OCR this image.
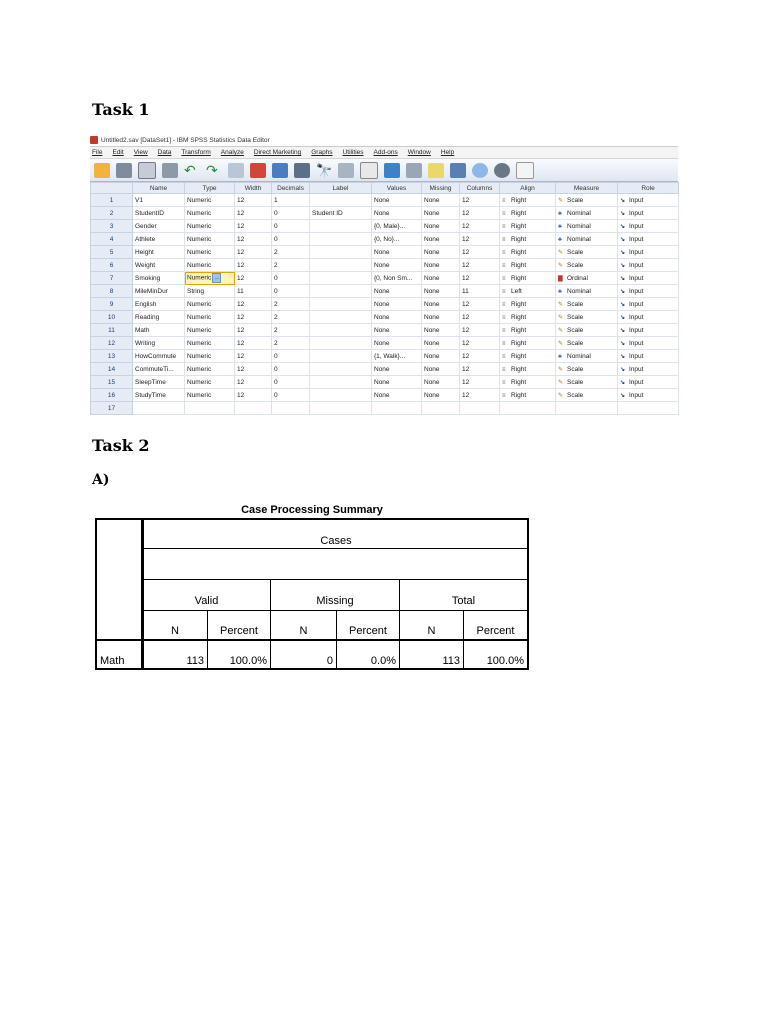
Task 1
Untitled2.sav [DataSet1] - IBM SPSS Statistics Data Editor
File Edit View Data Transform Analyze Direct Marketing Graphs Utilities Add-ons Window Help
↶ ↷	🔭
	Name	Type	Width	Decimals	Label	Values	Missing	Columns	Align	Measure	Role
1	V1	Numeric	12	1		None	None	12	≡ Right	✎ Scale	↘ Input
2	StudentID	Numeric	12	0	Student ID	None	None	12	≡ Right	♣ Nominal	↘ Input
3	Gender	Numeric	12	0		{0, Male}...	None	12	≡ Right	♣ Nominal	↘ Input
4	Athlete	Numeric	12	0		{0, No}...	None	12	≡ Right	♣ Nominal	↘ Input
5	Height	Numeric	12	2		None	None	12	≡ Right	✎ Scale	↘ Input
6	Weight	Numeric	12	2		None	None	12	≡ Right	✎ Scale	↘ Input
7	Smoking	Numeric ...	12	0		{0, Non Sm...	None	12	≡ Right	▇ Ordinal	↘ Input
8	MileMinDur	String	11	0		None	None	11	≡ Left	♣ Nominal	↘ Input
9	English	Numeric	12	2		None	None	12	≡ Right	✎ Scale	↘ Input
10	Reading	Numeric	12	2		None	None	12	≡ Right	✎ Scale	↘ Input
11	Math	Numeric	12	2		None	None	12	≡ Right	✎ Scale	↘ Input
12	Writing	Numeric	12	2		None	None	12	≡ Right	✎ Scale	↘ Input
13	HowCommute	Numeric	12	0		{1, Walk}...	None	12	≡ Right	♣ Nominal	↘ Input
14	CommuteTi...	Numeric	12	0		None	None	12	≡ Right	✎ Scale	↘ Input
15	SleepTime	Numeric	12	0		None	None	12	≡ Right	✎ Scale	↘ Input
16	StudyTime	Numeric	12	0		None	None	12	≡ Right	✎ Scale	↘ Input
17											
Task 2
A)
Case Processing Summary
Cases
Valid	Missing	Total
N	Percent	N	Percent	N	Percent
Math	113	100.0%	0	0.0%	113	100.0%
